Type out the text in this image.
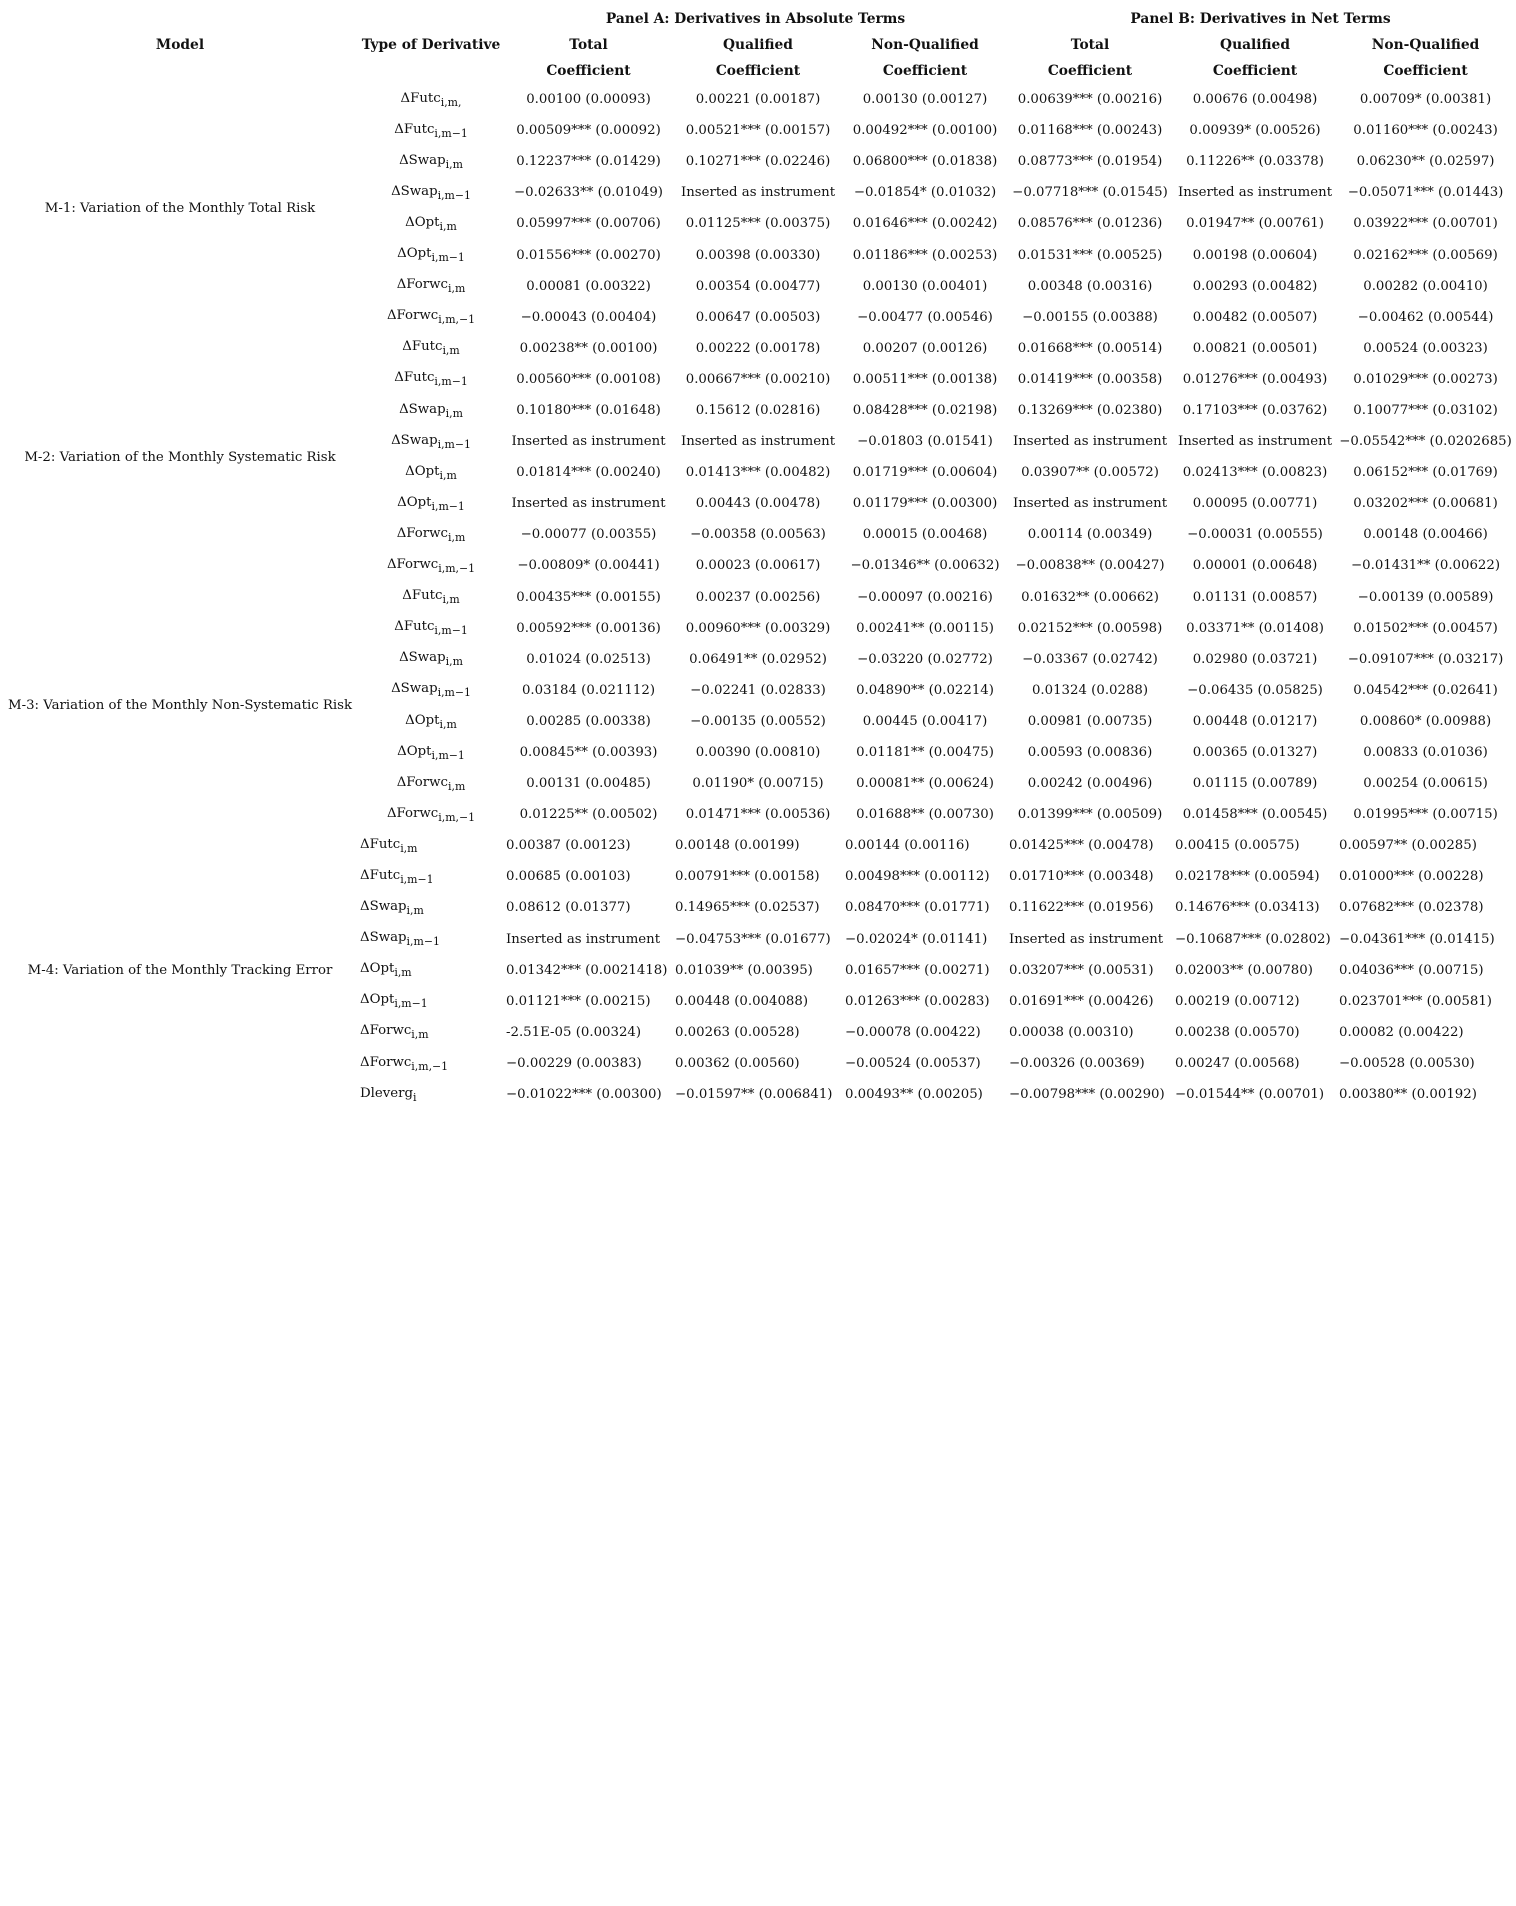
Model	Type of Derivative	Panel A: Derivatives in Absolute Terms			Panel B: Derivatives in Net Terms		
		Total	Qualified	Non-Qualified	Total	Qualified	Non-Qualified
		Coefficient	Coefficient	Coefficient	Coefficient	Coefficient	Coefficient
M-1: Variation of the Monthly Total Risk	ΔFutc$_{i,m,}$	0.00100 (0.00093)	0.00221 (0.00187)	0.00130 (0.00127)	0.00639*** (0.00216)	0.00676 (0.00498)	0.00709* (0.00381)
	ΔFutc$_{i,m-1}$	0.00509*** (0.00092)	0.00521*** (0.00157)	0.00492*** (0.00100)	0.01168*** (0.00243)	0.00939* (0.00526)	0.01160*** (0.00243)
	ΔSwap$_{i,m}$	0.12237*** (0.01429)	0.10271*** (0.02246)	0.06800*** (0.01838)	0.08773*** (0.01954)	0.11226** (0.03378)	0.06230** (0.02597)
	ΔSwap$_{i,m-1}$	−0.02633** (0.01049)	Inserted as instrument	−0.01854* (0.01032)	−0.07718*** (0.01545)	Inserted as instrument	−0.05071*** (0.01443)
	ΔOpt$_{i,m}$	0.05997*** (0.00706)	0.01125*** (0.00375)	0.01646*** (0.00242)	0.08576*** (0.01236)	0.01947** (0.00761)	0.03922*** (0.00701)
	ΔOpt$_{i,m-1}$	0.01556*** (0.00270)	0.00398 (0.00330)	0.01186*** (0.00253)	0.01531*** (0.00525)	0.00198 (0.00604)	0.02162*** (0.00569)
	ΔForwc$_{i,m}$	0.00081 (0.00322)	0.00354 (0.00477)	0.00130 (0.00401)	0.00348 (0.00316)	0.00293 (0.00482)	0.00282 (0.00410)
	ΔForwc$_{i,m,-1}$	−0.00043 (0.00404)	0.00647 (0.00503)	−0.00477 (0.00546)	−0.00155 (0.00388)	0.00482 (0.00507)	−0.00462 (0.00544)
M-2: Variation of the Monthly Systematic Risk	ΔFutc$_{i,m}$	0.00238** (0.00100)	0.00222 (0.00178)	0.00207 (0.00126)	0.01668*** (0.00514)	0.00821 (0.00501)	0.00524 (0.00323)
	ΔFutc$_{i,m-1}$	0.00560*** (0.00108)	0.00667*** (0.00210)	0.00511*** (0.00138)	0.01419*** (0.00358)	0.01276*** (0.00493)	0.01029*** (0.00273)
	ΔSwap$_{i,m}$	0.10180*** (0.01648)	0.15612 (0.02816)	0.08428*** (0.02198)	0.13269*** (0.02380)	0.17103*** (0.03762)	0.10077*** (0.03102)
	ΔSwap$_{i,m-1}$	Inserted as instrument	Inserted as instrument	−0.01803 (0.01541)	Inserted as instrument	Inserted as instrument	−0.05542*** (0.0202685)
	ΔOpt$_{i,m}$	0.01814*** (0.00240)	0.01413*** (0.00482)	0.01719*** (0.00604)	0.03907** (0.00572)	0.02413*** (0.00823)	0.06152*** (0.01769)
	ΔOpt$_{i,m-1}$	Inserted as instrument	0.00443 (0.00478)	0.01179*** (0.00300)	Inserted as instrument	0.00095 (0.00771)	0.03202*** (0.00681)
	ΔForwc$_{i,m}$	−0.00077 (0.00355)	−0.00358 (0.00563)	0.00015 (0.00468)	0.00114 (0.00349)	−0.00031 (0.00555)	0.00148 (0.00466)
	ΔForwc$_{i,m,-1}$	−0.00809* (0.00441)	0.00023 (0.00617)	−0.01346** (0.00632)	−0.00838** (0.00427)	0.00001 (0.00648)	−0.01431** (0.00622)
M-3: Variation of the Monthly Non-Systematic Risk	ΔFutc$_{i,m}$	0.00435*** (0.00155)	0.00237 (0.00256)	−0.00097 (0.00216)	0.01632** (0.00662)	0.01131 (0.00857)	−0.00139 (0.00589)
	ΔFutc$_{i,m-1}$	0.00592*** (0.00136)	0.00960*** (0.00329)	0.00241** (0.00115)	0.02152*** (0.00598)	0.03371** (0.01408)	0.01502*** (0.00457)
	ΔSwap$_{i,m}$	0.01024 (0.02513)	0.06491** (0.02952)	−0.03220 (0.02772)	−0.03367 (0.02742)	0.02980 (0.03721)	−0.09107*** (0.03217)
	ΔSwap$_{i,m-1}$	0.03184 (0.021112)	−0.02241 (0.02833)	0.04890** (0.02214)	0.01324 (0.0288)	−0.06435 (0.05825)	0.04542*** (0.02641)
	ΔOpt$_{i,m}$	0.00285 (0.00338)	−0.00135 (0.00552)	0.00445 (0.00417)	0.00981 (0.00735)	0.00448 (0.01217)	0.00860* (0.00988)
	ΔOpt$_{i,m-1}$	0.00845** (0.00393)	0.00390 (0.00810)	0.01181** (0.00475)	0.00593 (0.00836)	0.00365 (0.01327)	0.00833 (0.01036)
	ΔForwc$_{i,m}$	0.00131 (0.00485)	0.01190* (0.00715)	0.00081** (0.00624)	0.00242 (0.00496)	0.01115 (0.00789)	0.00254 (0.00615)
	ΔForwc$_{i,m,-1}$	0.01225** (0.00502)	0.01471*** (0.00536)	0.01688** (0.00730)	0.01399*** (0.00509)	0.01458*** (0.00545)	0.01995*** (0.00715)
M-4: Variation of the Monthly Tracking Error	ΔFutc$_{i,m}$	0.00387 (0.00123)	0.00148 (0.00199)	0.00144 (0.00116)	0.01425*** (0.00478)	0.00415 (0.00575)	0.00597** (0.00285)
	ΔFutc$_{i,m-1}$	0.00685 (0.00103)	0.00791*** (0.00158)	0.00498*** (0.00112)	0.01710*** (0.00348)	0.02178*** (0.00594)	0.01000*** (0.00228)
	ΔSwap$_{i,m}$	0.08612 (0.01377)	0.14965*** (0.02537)	0.08470*** (0.01771)	0.11622*** (0.01956)	0.14676*** (0.03413)	0.07682*** (0.02378)
	ΔSwap$_{i,m-1}$	Inserted as instrument	−0.04753*** (0.01677)	−0.02024* (0.01141)	Inserted as instrument	−0.10687*** (0.02802)	−0.04361*** (0.01415)
	ΔOpt$_{i,m}$	0.01342*** (0.0021418)	0.01039** (0.00395)	0.01657*** (0.00271)	0.03207*** (0.00531)	0.02003** (0.00780)	0.04036*** (0.00715)
	ΔOpt$_{i,m-1}$	0.01121*** (0.00215)	0.00448 (0.004088)	0.01263*** (0.00283)	0.01691*** (0.00426)	0.00219 (0.00712)	0.023701*** (0.00581)
	ΔForwc$_{i,m}$	-2.51E-05 (0.00324)	0.00263 (0.00528)	−0.00078 (0.00422)	0.00038 (0.00310)	0.00238 (0.00570)	0.00082 (0.00422)
	ΔForwc$_{i,m,-1}$	−0.00229 (0.00383)	0.00362 (0.00560)	−0.00524 (0.00537)	−0.00326 (0.00369)	0.00247 (0.00568)	−0.00528 (0.00530)
	Dleverg$_i$	−0.01022*** (0.00300)	−0.01597** (0.006841)	0.00493** (0.00205)	−0.00798*** (0.00290)	−0.01544** (0.00701)	0.00380** (0.00192)
